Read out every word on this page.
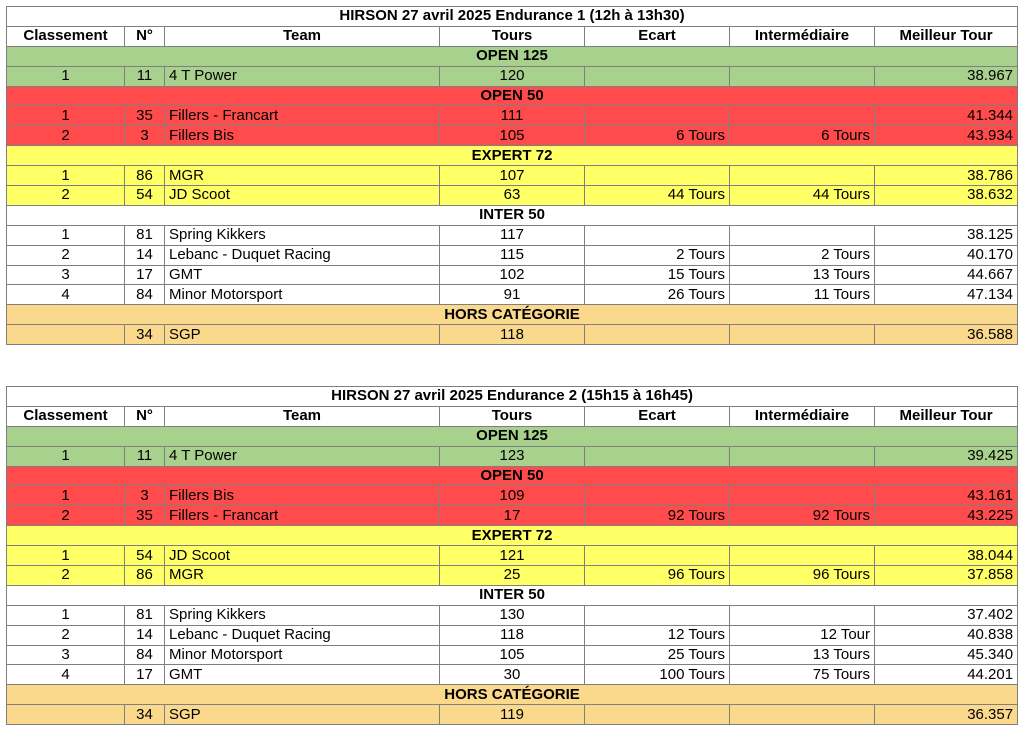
HIRSON 27 avril 2025 Endurance 1 (12h à 13h30)						
Classement	N°	Team	Tours	Ecart	Intermédiaire	Meilleur Tour
OPEN 125						
1	11	4 T Power	120			38.967
OPEN 50						
1	35	Fillers - Francart	111			41.344
2	3	Fillers Bis	105	6 Tours	6 Tours	43.934
EXPERT 72						
1	86	MGR	107			38.786
2	54	JD Scoot	63	44 Tours	44 Tours	38.632
INTER 50						
1	81	Spring Kikkers	117			38.125
2	14	Lebanc - Duquet Racing	115	2 Tours	2 Tours	40.170
3	17	GMT	102	15 Tours	13 Tours	44.667
4	84	Minor Motorsport	91	26 Tours	11 Tours	47.134
HORS CATÉGORIE						
	34	SGP	118			36.588
HIRSON 27 avril 2025 Endurance 2 (15h15 à 16h45)						
Classement	N°	Team	Tours	Ecart	Intermédiaire	Meilleur Tour
OPEN 125						
1	11	4 T Power	123			39.425
OPEN 50						
1	3	Fillers Bis	109			43.161
2	35	Fillers - Francart	17	92 Tours	92 Tours	43.225
EXPERT 72						
1	54	JD Scoot	121			38.044
2	86	MGR	25	96 Tours	96 Tours	37.858
INTER 50						
1	81	Spring Kikkers	130			37.402
2	14	Lebanc - Duquet Racing	118	12 Tours	12 Tour	40.838
3	84	Minor Motorsport	105	25 Tours	13 Tours	45.340
4	17	GMT	30	100 Tours	75 Tours	44.201
HORS CATÉGORIE						
	34	SGP	119			36.357
